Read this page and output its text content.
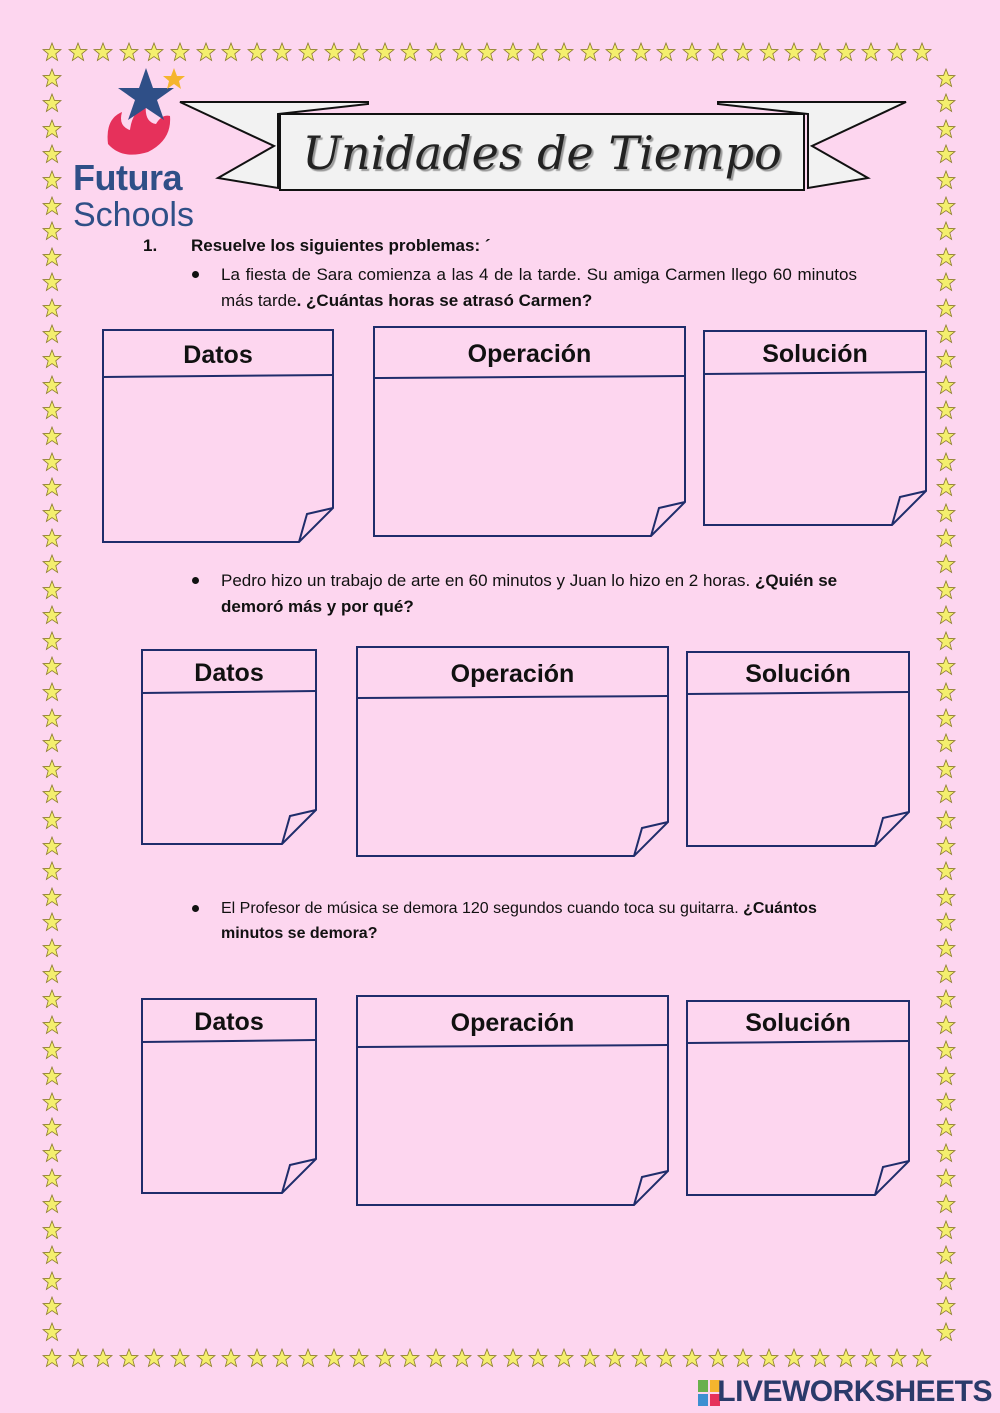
Futura
Schools
Unidades de Tiempo
1. Resuelve los siguientes problemas: ´
La fiesta de Sara comienza a las 4 de la tarde. Su amiga Carmen llego 60 minutos más tarde. ¿Cuántas horas se atrasó Carmen?
Pedro hizo un trabajo de arte en 60 minutos y Juan lo hizo en 2 horas. ¿Quién se demoró más y por qué?
El Profesor de música se demora 120 segundos cuando toca su guitarra. ¿Cuántos minutos se demora?
Datos	Operación	Solución
Datos	Operación	Solución
Datos	Operación	Solución
LIVEWORKSHEETS
